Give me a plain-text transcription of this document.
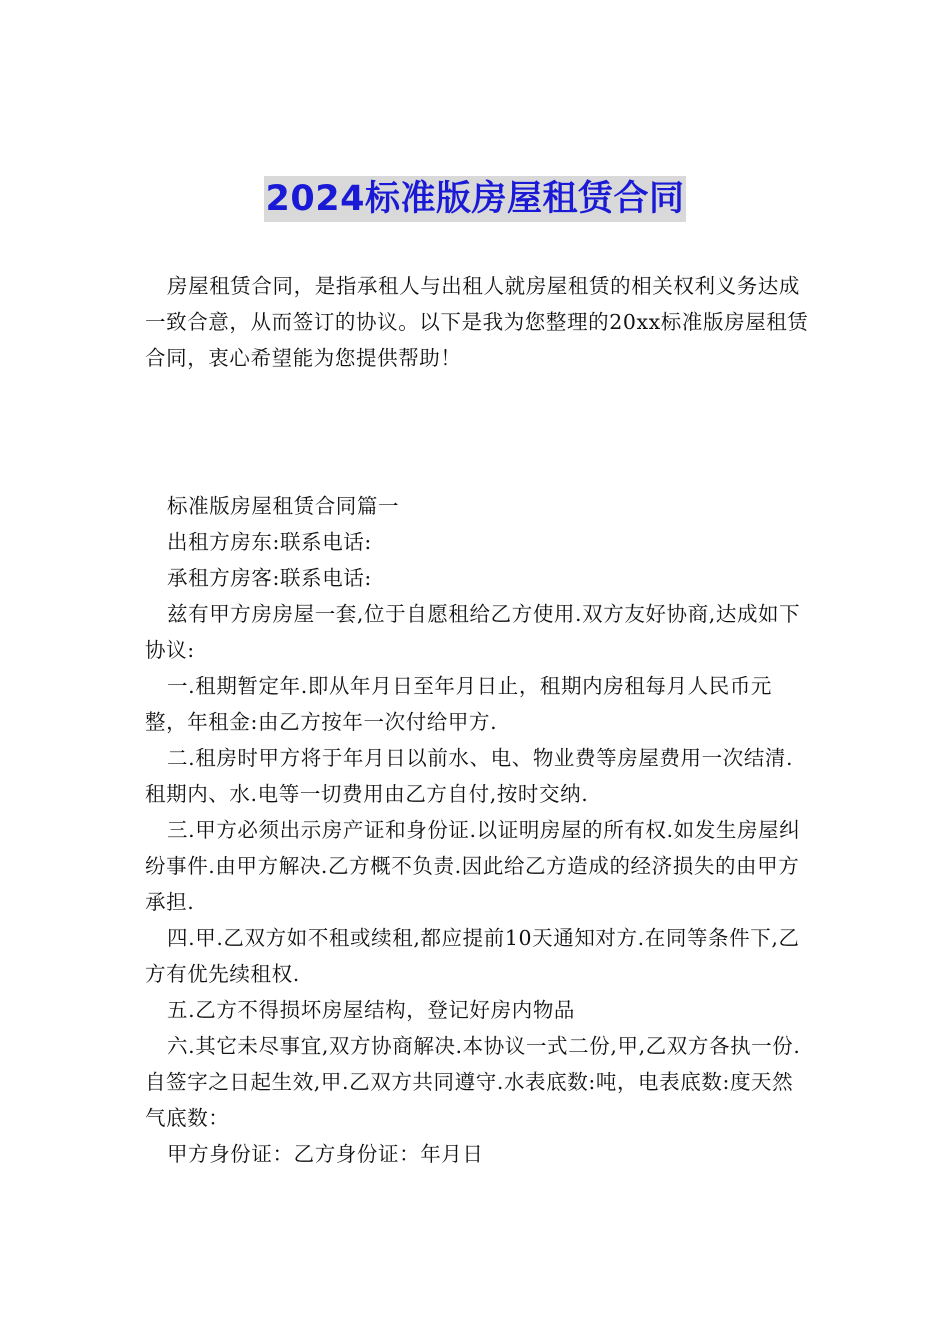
2024标准版房屋租赁合同

房屋租赁合同，是指承租人与出租人就房屋租赁的相关权利义务达成一致合意，从而签订的协议。以下是我为您整理的20xx标准版房屋租赁合同，衷心希望能为您提供帮助！

标准版房屋租赁合同篇一

出租方房东:联系电话:

承租方房客:联系电话:

兹有甲方房房屋一套,位于自愿租给乙方使用.双方友好协商,达成如下协议:

一.租期暂定年.即从年月日至年月日止，租期内房租每月人民币元整，年租金:由乙方按年一次付给甲方.

二.租房时甲方将于年月日以前水、电、物业费等房屋费用一次结清.租期内、水.电等一切费用由乙方自付,按时交纳.

三.甲方必须出示房产证和身份证.以证明房屋的所有权.如发生房屋纠纷事件.由甲方解决.乙方概不负责.因此给乙方造成的经济损失的由甲方承担.

四.甲.乙双方如不租或续租,都应提前10天通知对方.在同等条件下,乙方有优先续租权.

五.乙方不得损坏房屋结构，登记好房内物品

六.其它未尽事宜,双方协商解决.本协议一式二份,甲,乙双方各执一份.自签字之日起生效,甲.乙双方共同遵守.水表底数:吨，电表底数:度天然气底数：

甲方身份证：乙方身份证：年月日
